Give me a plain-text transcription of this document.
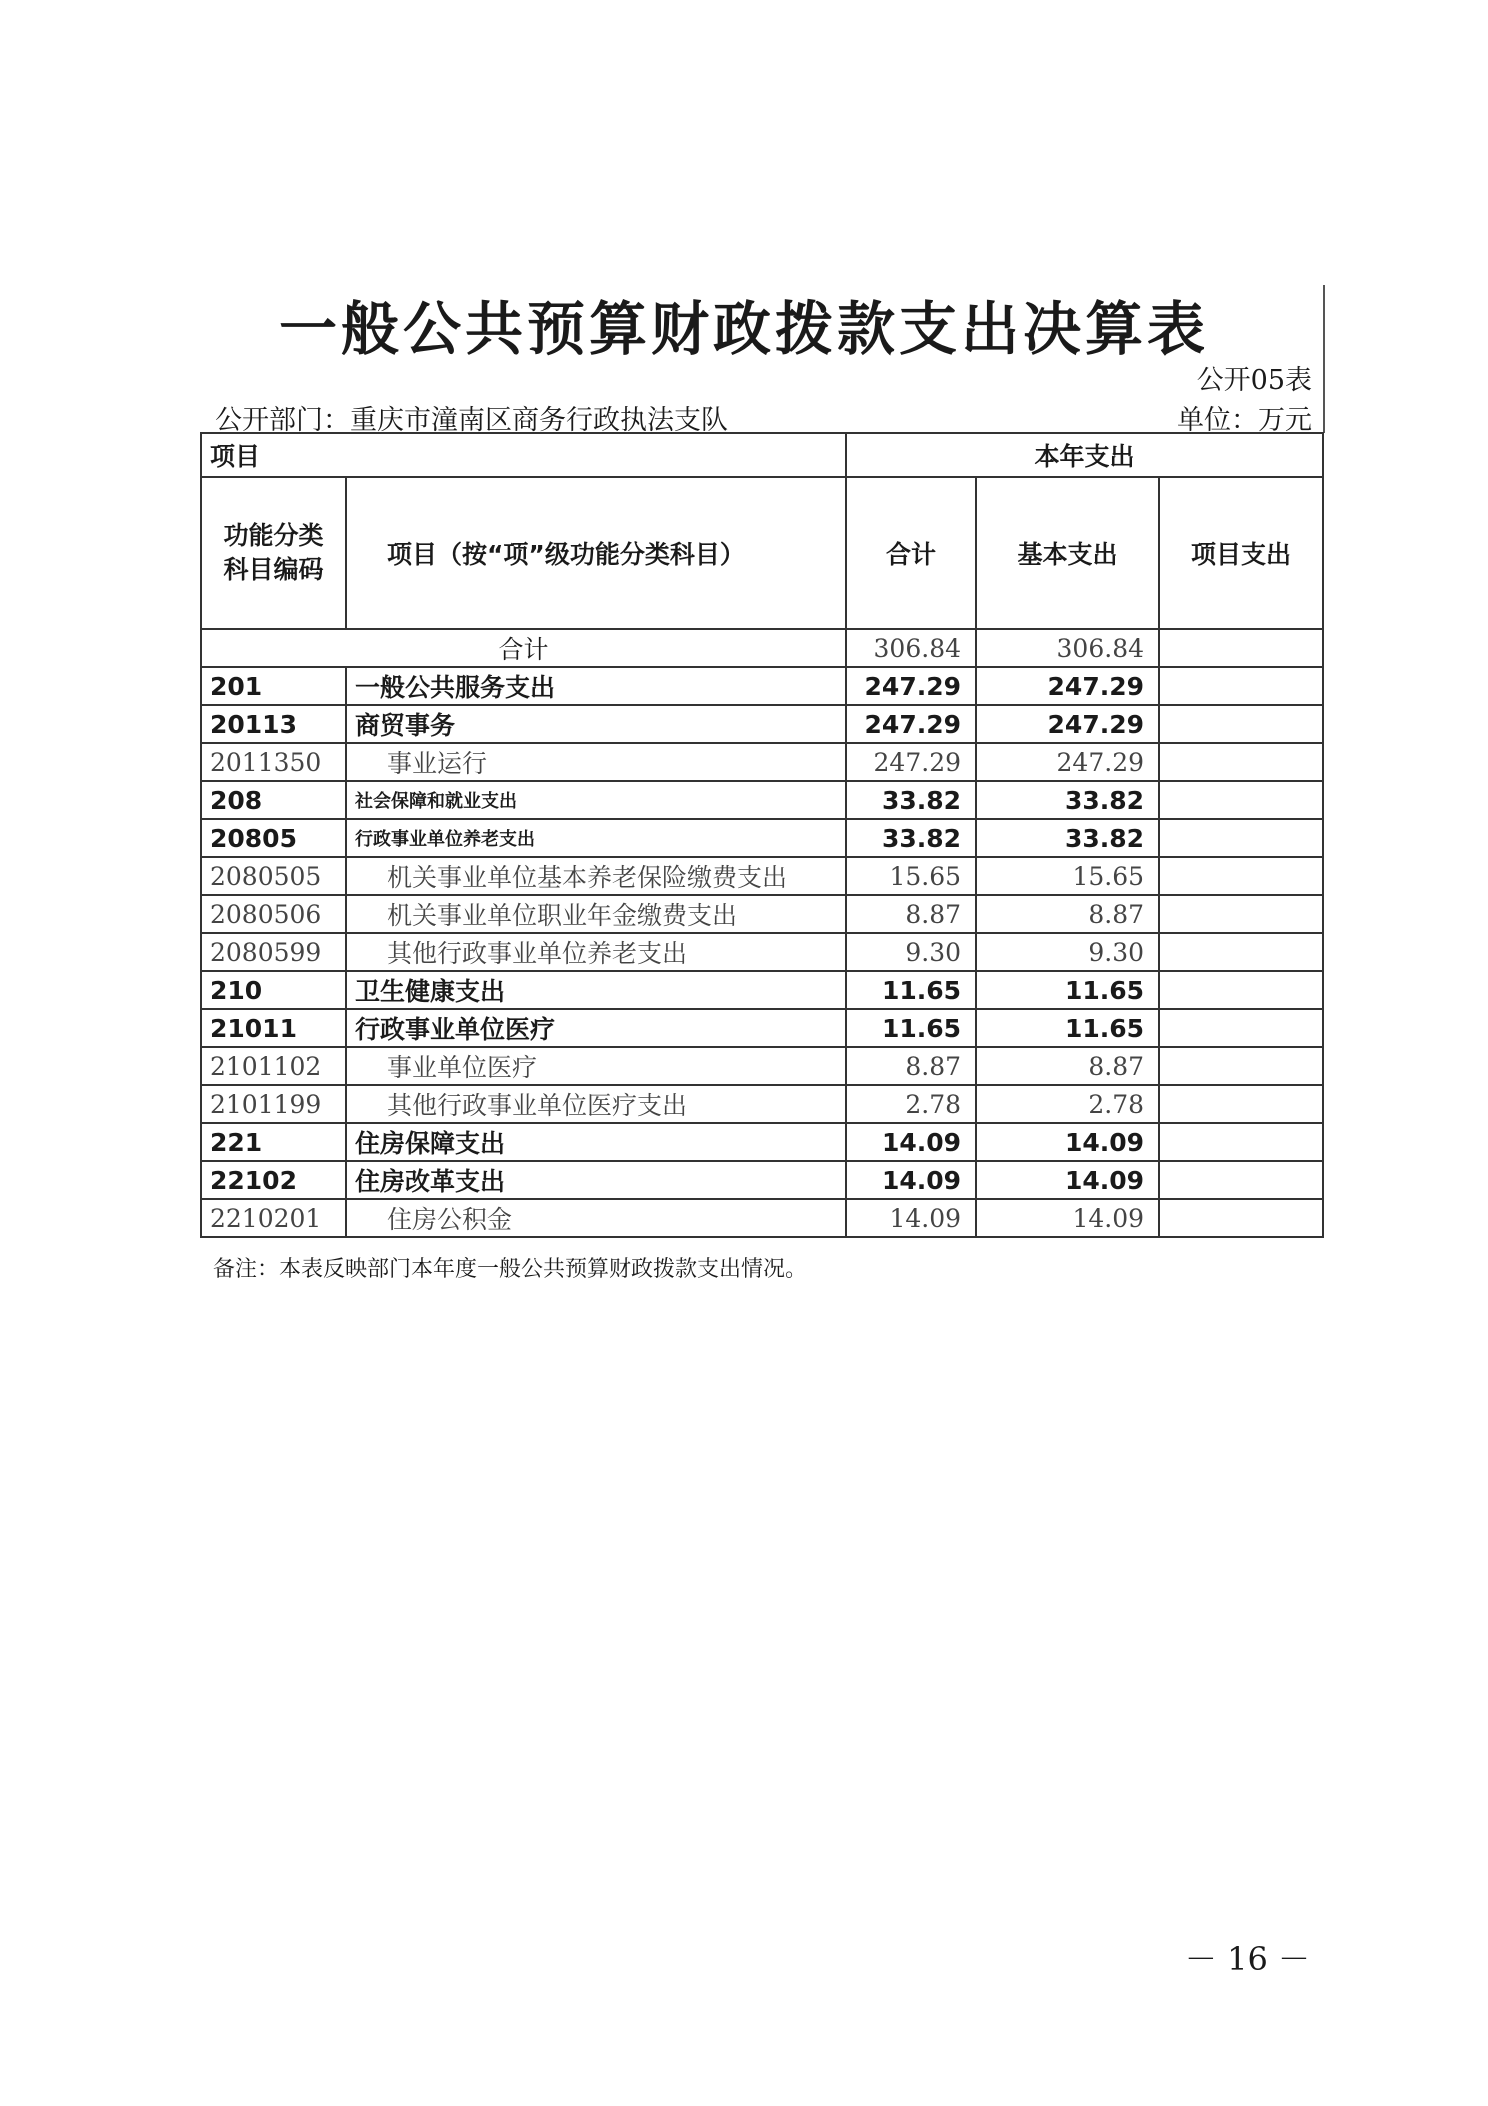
一般公共预算财政拨款支出决算表
公开05表
公开部门：重庆市潼南区商务行政执法支队	单位：万元
项目		本年支出		
功能分类科目编码	项目（按“项”级功能分类科目）	合计	基本支出	项目支出
合计		306.84	306.84	
201	一般公共服务支出	247.29	247.29	
20113	商贸事务	247.29	247.29	
2011350	事业运行	247.29	247.29	
208	社会保障和就业支出	33.82	33.82	
20805	行政事业单位养老支出	33.82	33.82	
2080505	机关事业单位基本养老保险缴费支出	15.65	15.65	
2080506	机关事业单位职业年金缴费支出	8.87	8.87	
2080599	其他行政事业单位养老支出	9.30	9.30	
210	卫生健康支出	11.65	11.65	
21011	行政事业单位医疗	11.65	11.65	
2101102	事业单位医疗	8.87	8.87	
2101199	其他行政事业单位医疗支出	2.78	2.78	
221	住房保障支出	14.09	14.09	
22102	住房改革支出	14.09	14.09	
2210201	住房公积金	14.09	14.09	
备注：本表反映部门本年度一般公共预算财政拨款支出情况。
－ 16 －
